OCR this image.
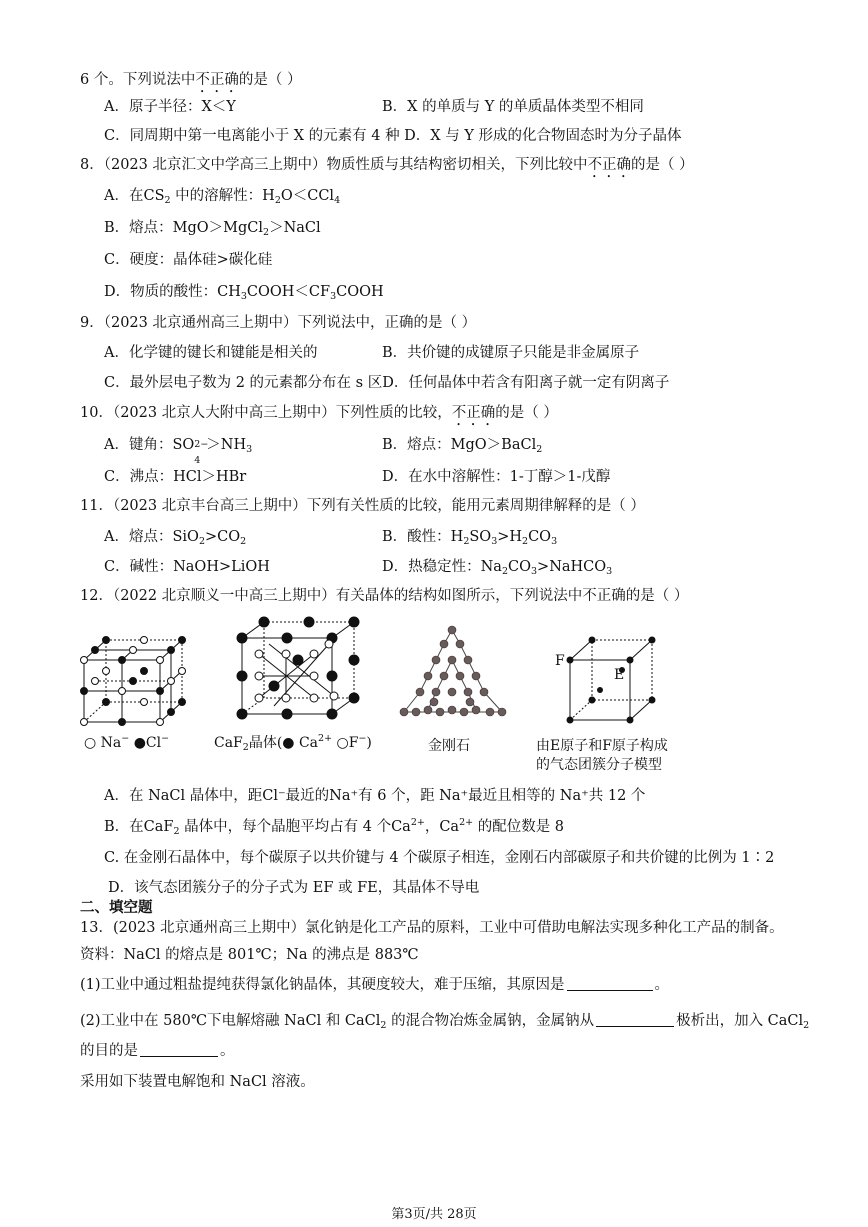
6 个。下列说法中不正确的是（ ）
A．原子半径：X＜Y	B．X 的单质与 Y 的单质晶体类型不相同
C．同周期中第一电离能小于 X 的元素有 4 种 D．X 与 Y 形成的化合物固态时为分子晶体
8．（2023 北京汇文中学高三上期中）物质性质与其结构密切相关，下列比较中不正确的是（ ）
A．在$CS_2$ 中的溶解性：$H_2O<CCl_4$
B．熔点：MgO＞MgCl$_2$＞NaCl
C．硬度：晶体硅>碳化硅
D．物质的酸性：$CH_3COOH<CF_3COOH$
9．（2023 北京通州高三上期中）下列说法中，正确的是（ ）
A．化学键的键长和键能是相关的	B．共价键的成键原子只能是非金属原子
C．最外层电子数为 2 的元素都分布在 s 区D．任何晶体中若含有阳离子就一定有阴离子
10．（2023 北京人大附中高三上期中）下列性质的比较，不正确的是（ ）
A．键角：SO 2−
4
$>NH_3$	B．熔点：MgO＞BaCl$_2$
C．沸点：HCl＞HBr	D．在水中溶解性：1-丁醇＞1-戊醇
11．（2023 北京丰台高三上期中）下列有关性质的比较，能用元素周期律解释的是（ ）
A．熔点：$SiO_2>CO_2$	B．酸性：$H_2SO_3>H_2CO_3$
C．碱性：NaOH>LiOH	D．热稳定性：$Na_2CO_3>NaHCO_3$
12．（2022 北京顺义一中高三上期中）有关晶体的结构如图所示，下列说法中不正确的是（ ）
○ Na− ●Cl−	CaF$_2$晶体(● $Ca^{2+}$ ○F−)	金刚石
F
E
由E原子和F原子构成
的气态团簇分子模型
A．在 NaCl 晶体中，距Cl⁻最近的Na⁺有 6 个，距 Na⁺最近且相等的 Na⁺共 12 个
B．在CaF$_2$ 晶体中，每个晶胞平均占有 4 个$Ca^{2+}$，$Ca^{2+}$ 的配位数是 8
C. 在金刚石晶体中，每个碳原子以共价键与 4 个碳原子相连，金刚石内部碳原子和共价键的比例为 1∶2
D．该气态团簇分子的分子式为 EF 或 FE，其晶体不导电
二、填空题
13．(2023 北京通州高三上期中）氯化钠是化工产品的原料，工业中可借助电解法实现多种化工产品的制备。
资料：NaCl 的熔点是 801℃；Na 的沸点是 883℃
(1)工业中通过粗盐提纯获得氯化钠晶体，其硬度较大，难于压缩，其原因是	。
(2)工业中在 580℃下电解熔融 NaCl 和 CaCl$_2$ 的混合物冶炼金属钠，金属钠从	极析出，加入 CaCl$_2$
的目的是	。
采用如下装置电解饱和 NaCl 溶液。
第3页/共 28页
